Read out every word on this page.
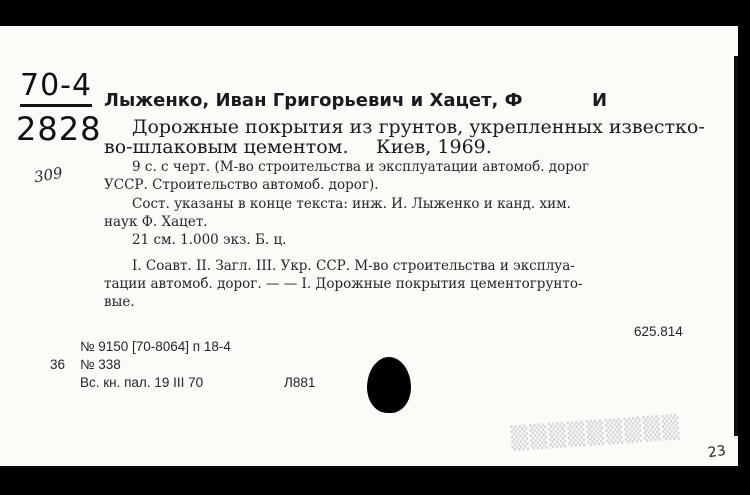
70-4
2828
309
Лыженко, Иван Григорьевич и Хацет, Ф	И
Дорожные покрытия из грунтов, укрепленных известко-
во-шлаковым цементом. Киев, 1969.
9 с. с черт. (М-во строительства и эксплуатации автомоб. дорог
УССР. Строительство автомоб. дорог).
Сост. указаны в конце текста: инж. И. Лыженко и канд. хим.
наук Ф. Хацет.
21 см. 1.000 экз. Б. ц.
I. Соавт. II. Загл. III. Укр. ССР. М-во строительства и эксплуа-
тации автомоб. дорог. — — I. Дорожные покрытия цементогрунто-
вые.
625.814
№ 9150 [70-8064] п 18-4
36 № 338
Вс. кн. пал. 19 III 70	Л881
▒▒▒▒▒▒▒▒▒
23
